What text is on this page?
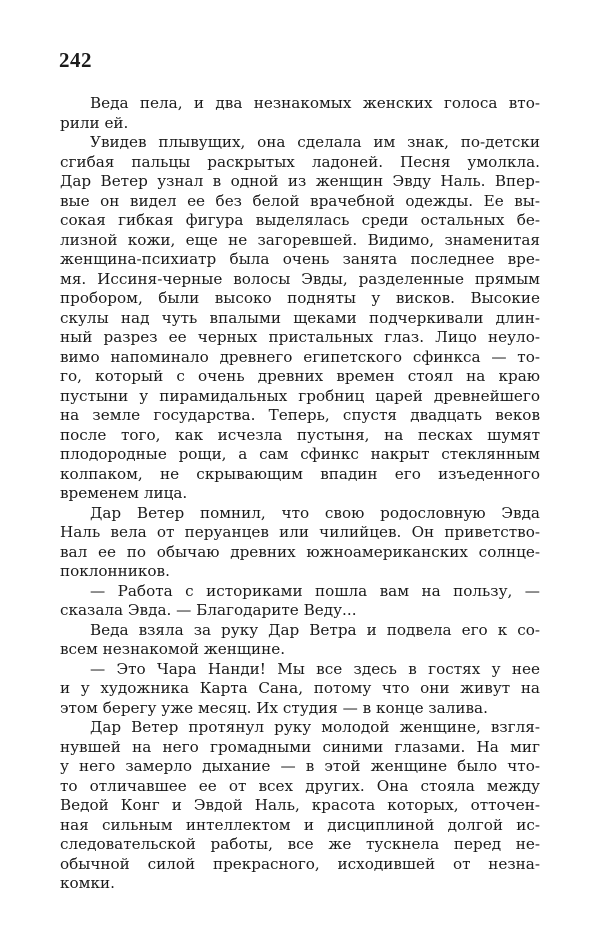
242
Веда пела, и два незнакомых женских голоса вто-
рили ей.
Увидев плывущих, она сделала им знак, по-детски
сгибая пальцы раскрытых ладоней. Песня умолкла.
Дар Ветер узнал в одной из женщин Эвду Наль. Впер-
вые он видел ее без белой врачебной одежды. Ее вы-
сокая гибкая фигура выделялась среди остальных бе-
лизной кожи, еще не загоревшей. Видимо, знаменитая
женщина-психиатр была очень занята последнее вре-
мя. Иссиня-черные волосы Эвды, разделенные прямым
пробором, были высоко подняты у висков. Высокие
скулы над чуть впалыми щеками подчеркивали длин-
ный разрез ее черных пристальных глаз. Лицо неуло-
вимо напоминало древнего египетского сфинкса — то-
го, который с очень древних времен стоял на краю
пустыни у пирамидальных гробниц царей древнейшего
на земле государства. Теперь, спустя двадцать веков
после того, как исчезла пустыня, на песках шумят
плодородные рощи, а сам сфинкс накрыт стеклянным
колпаком, не скрывающим впадин его изъеденного
временем лица.
Дар Ветер помнил, что свою родословную Эвда
Наль вела от перуанцев или чилийцев. Он приветство-
вал ее по обычаю древних южноамериканских солнце-
поклонников.
— Работа с историками пошла вам на пользу, —
сказала Эвда. — Благодарите Веду...
Веда взяла за руку Дар Ветра и подвела его к со-
всем незнакомой женщине.
— Это Чара Нанди! Мы все здесь в гостях у нее
и у художника Карта Сана, потому что они живут на
этом берегу уже месяц. Их студия — в конце залива.
Дар Ветер протянул руку молодой женщине, взгля-
нувшей на него громадными синими глазами. На миг
у него замерло дыхание — в этой женщине было что-
то отличавшее ее от всех других. Она стояла между
Ведой Конг и Эвдой Наль, красота которых, отточен-
ная сильным интеллектом и дисциплиной долгой ис-
следовательской работы, все же тускнела перед не-
обычной силой прекрасного, исходившей от незна-
комки.
